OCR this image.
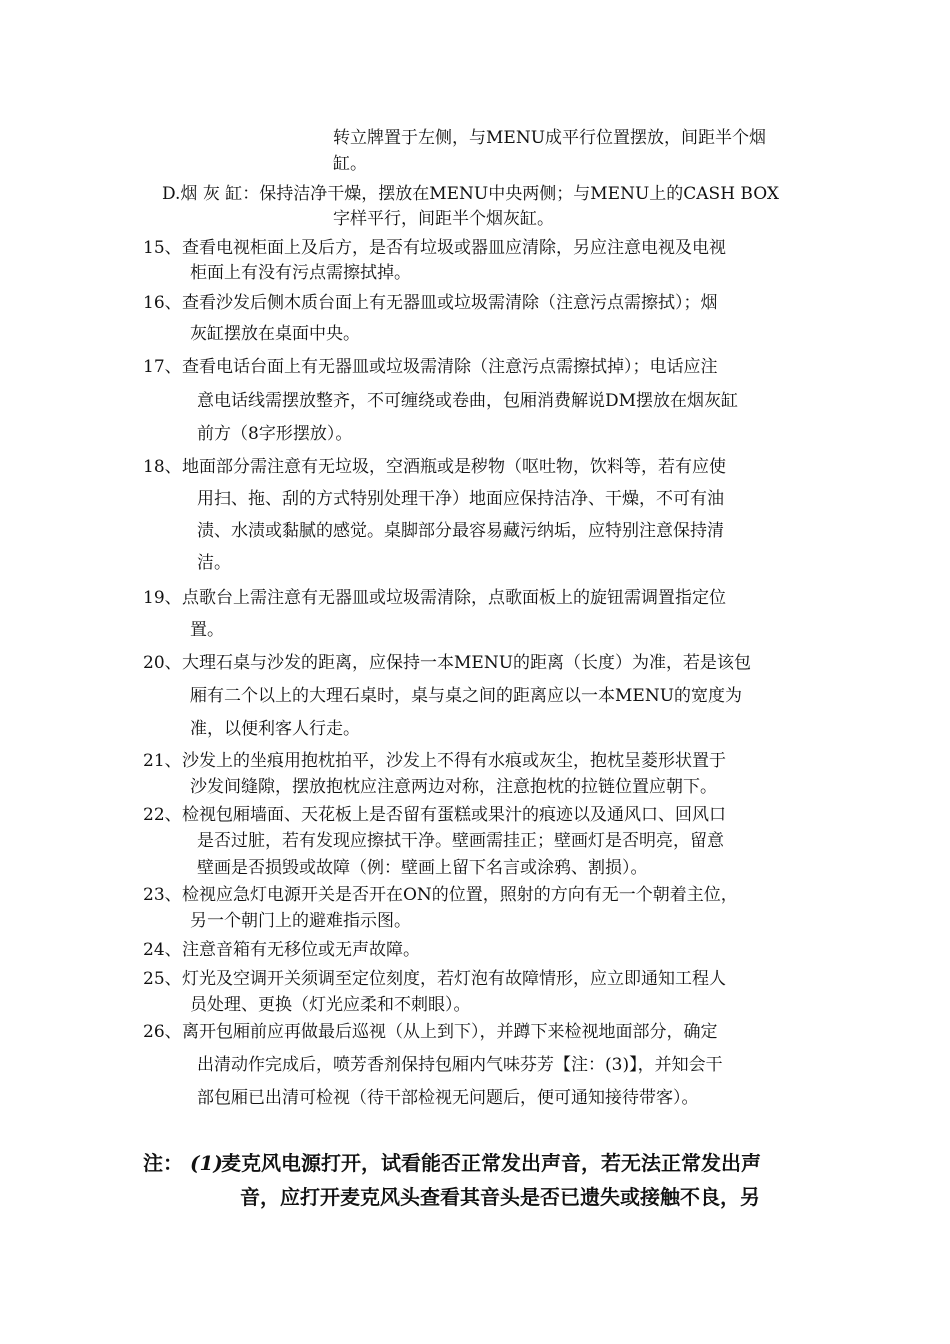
转立牌置于左侧，与MENU成平行位置摆放，间距半个烟
缸。
D.烟 灰 缸：保持洁净干燥，摆放在MENU中央两侧；与MENU上的CASH BOX
字样平行，间距半个烟灰缸。
15、 查看电视柜面上及后方，是否有垃圾或器皿应清除，另应注意电视及电视
柜面上有没有污点需擦拭掉。
16、 查看沙发后侧木质台面上有无器皿或垃圾需清除（注意污点需擦拭）；烟
灰缸摆放在桌面中央。
17、 查看电话台面上有无器皿或垃圾需清除（注意污点需擦拭掉）；电话应注
意电话线需摆放整齐，不可缠绕或卷曲，包厢消费解说DM摆放在烟灰缸
前方（8字形摆放）。
18、 地面部分需注意有无垃圾，空酒瓶或是秽物（呕吐物，饮料等，若有应使
用扫、拖、刮的方式特别处理干净）地面应保持洁净、干燥，不可有油
渍、水渍或黏腻的感觉。桌脚部分最容易藏污纳垢，应特别注意保持清
洁。
19、 点歌台上需注意有无器皿或垃圾需清除，点歌面板上的旋钮需调置指定位
置。
20、 大理石桌与沙发的距离，应保持一本MENU的距离（长度）为准，若是该包
厢有二个以上的大理石桌时，桌与桌之间的距离应以一本MENU的宽度为
准，以便利客人行走。
21、 沙发上的坐痕用抱枕拍平，沙发上不得有水痕或灰尘，抱枕呈菱形状置于
沙发间缝隙，摆放抱枕应注意两边对称，注意抱枕的拉链位置应朝下。
22、 检视包厢墙面、天花板上是否留有蛋糕或果汁的痕迹以及通风口、回风口
是否过脏，若有发现应擦拭干净。壁画需挂正；壁画灯是否明亮，留意
壁画是否损毁或故障（例：壁画上留下名言或涂鸦、割损）。
23、 检视应急灯电源开关是否开在ON的位置，照射的方向有无一个朝着主位，
另一个朝门上的避难指示图。
24、 注意音箱有无移位或无声故障。
25、 灯光及空调开关须调至定位刻度，若灯泡有故障情形，应立即通知工程人
员处理、更换（灯光应柔和不刺眼）。
26、 离开包厢前应再做最后巡视（从上到下），并蹲下来检视地面部分，确定
出清动作完成后，喷芳香剂保持包厢内气味芬芳【注：(3)】，并知会干
部包厢已出清可检视（待干部检视无问题后，便可通知接待带客）。
注： (1)
麦克风电源打开，试看能否正常发出声音，若无法正常发出声
音，应打开麦克风头查看其音头是否已遗失或接触不良，另
